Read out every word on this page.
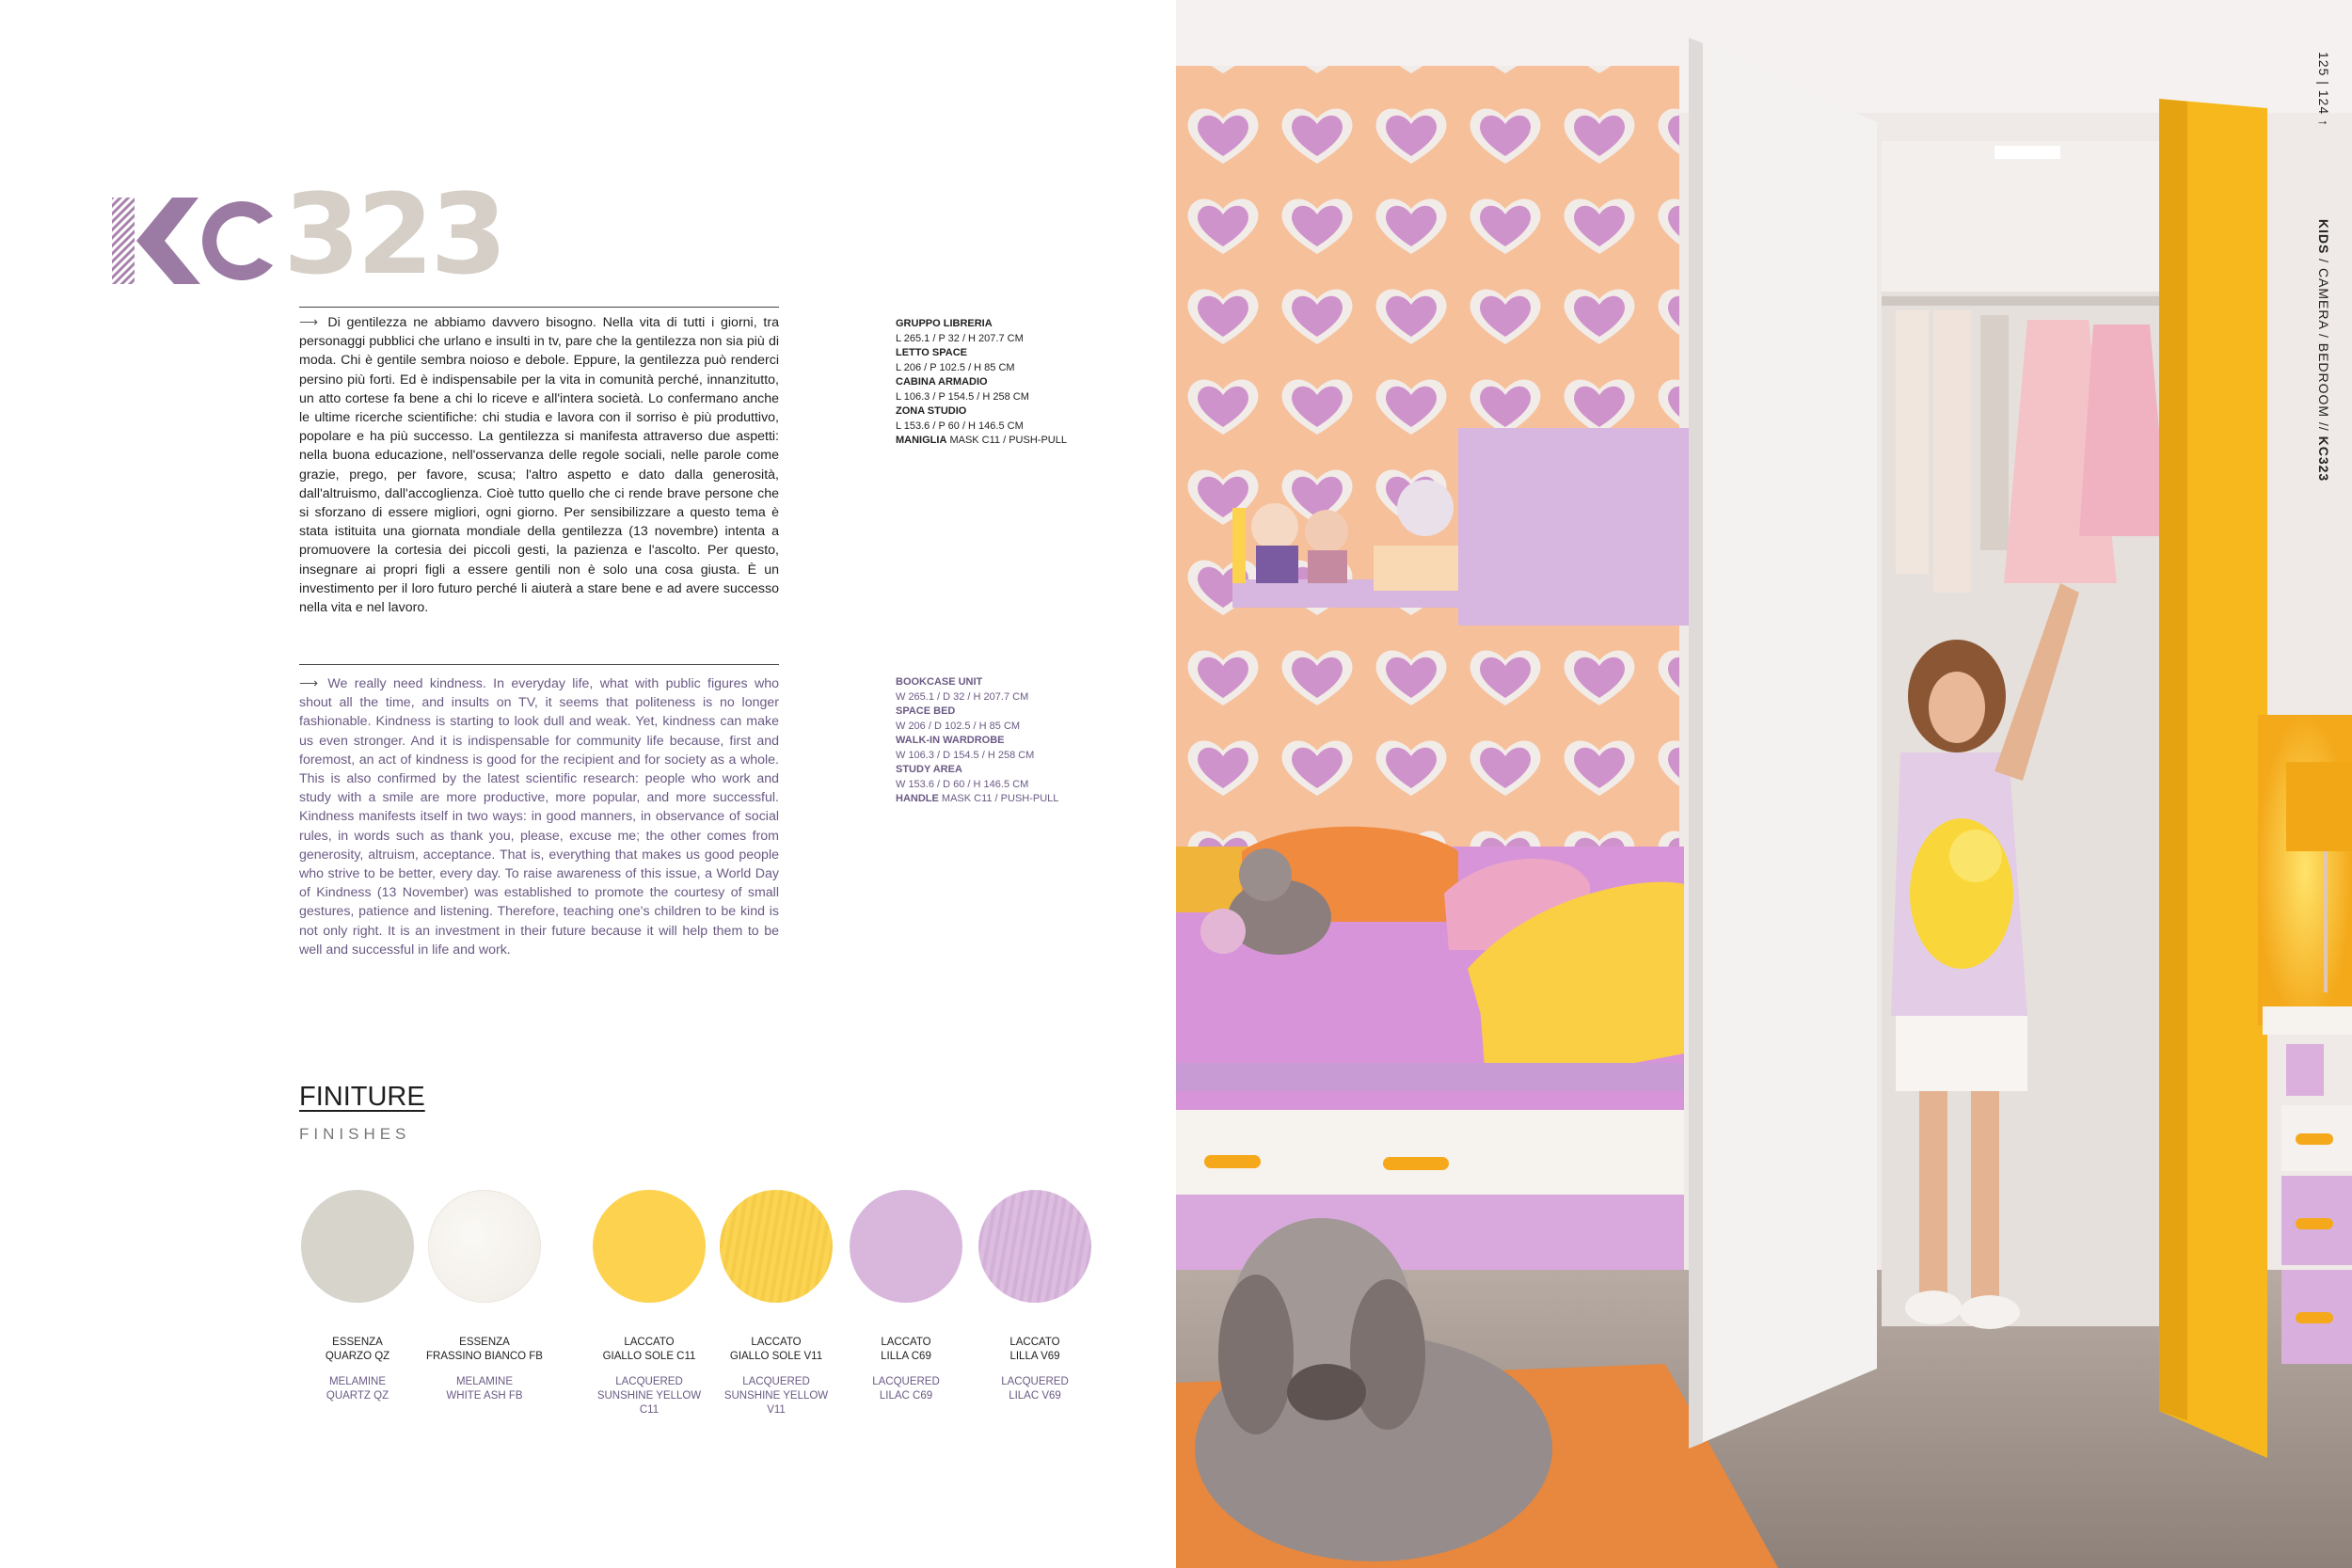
323
⟶ Di gentilezza ne abbiamo davvero bisogno. Nella vita di tutti i giorni, tra personaggi pubblici che urlano e insulti in tv, pare che la gentilezza non sia più di moda. Chi è gentile sembra noioso e debole. Eppure, la gentilezza può renderci persino più forti. Ed è indispensabile per la vita in comunità perché, innanzitutto, un atto cortese fa bene a chi lo riceve e all'intera società. Lo confermano anche le ultime ricerche scientifiche: chi studia e lavora con il sorriso è più produttivo, popolare e ha più successo. La gentilezza si manifesta attraverso due aspetti: nella buona educazione, nell'osservanza delle regole sociali, nelle parole come grazie, prego, per favore, scusa; l'altro aspetto e dato dalla generosità, dall'altruismo, dall'accoglienza. Cioè tutto quello che ci rende brave persone che si sforzano di essere migliori, ogni giorno. Per sensibilizzare a questo tema è stata istituita una giornata mondiale della gentilezza (13 novembre) intenta a promuovere la cortesia dei piccoli gesti, la pazienza e l'ascolto. Per questo, insegnare ai propri figli a essere gentili non è solo una cosa giusta. È un investimento per il loro futuro perché li aiuterà a stare bene e ad avere successo nella vita e nel lavoro.
⟶ We really need kindness. In everyday life, what with public figures who shout all the time, and insults on TV, it seems that politeness is no longer fashionable. Kindness is starting to look dull and weak. Yet, kindness can make us even stronger. And it is indispensable for community life because, first and foremost, an act of kindness is good for the recipient and for society as a whole. This is also confirmed by the latest scientific research: people who work and study with a smile are more productive, more popular, and more successful. Kindness manifests itself in two ways: in good manners, in observance of social rules, in words such as thank you, please, excuse me; the other comes from generosity, altruism, acceptance. That is, everything that makes us good people who strive to be better, every day. To raise awareness of this issue, a World Day of Kindness (13 November) was established to promote the courtesy of small gestures, patience and listening. Therefore, teaching one's children to be kind is not only right. It is an investment in their future because it will help them to be well and successful in life and work.
GRUPPO LIBRERIA
L 265.1 / P 32 / H 207.7 CM
LETTO SPACE
L 206 / P 102.5 / H 85 CM
CABINA ARMADIO
L 106.3 / P 154.5 / H 258 CM
ZONA STUDIO
L 153.6 / P 60 / H 146.5 CM
MANIGLIA MASK C11 / PUSH-PULL
BOOKCASE UNIT
W 265.1 / D 32 / H 207.7 CM
SPACE BED
W 206 / D 102.5 / H 85 CM
WALK-IN WARDROBE
W 106.3 / D 154.5 / H 258 CM
STUDY AREA
W 153.6 / D 60 / H 146.5 CM
HANDLE MASK C11 / PUSH-PULL
FINITURE
FINISHES
ESSENZA
QUARZO QZ
MELAMINE
QUARTZ QZ
ESSENZA
FRASSINO BIANCO FB
MELAMINE
WHITE ASH FB
LACCATO
GIALLO SOLE C11
LACQUERED
SUNSHINE YELLOW C11
LACCATO
GIALLO SOLE V11
LACQUERED
SUNSHINE YELLOW V11
LACCATO
LILLA C69
LACQUERED
LILAC C69
LACCATO
LILLA V69
LACQUERED
LILAC V69
125 | 124 ↑                    KIDS / CAMERA / BEDROOM // KC323
